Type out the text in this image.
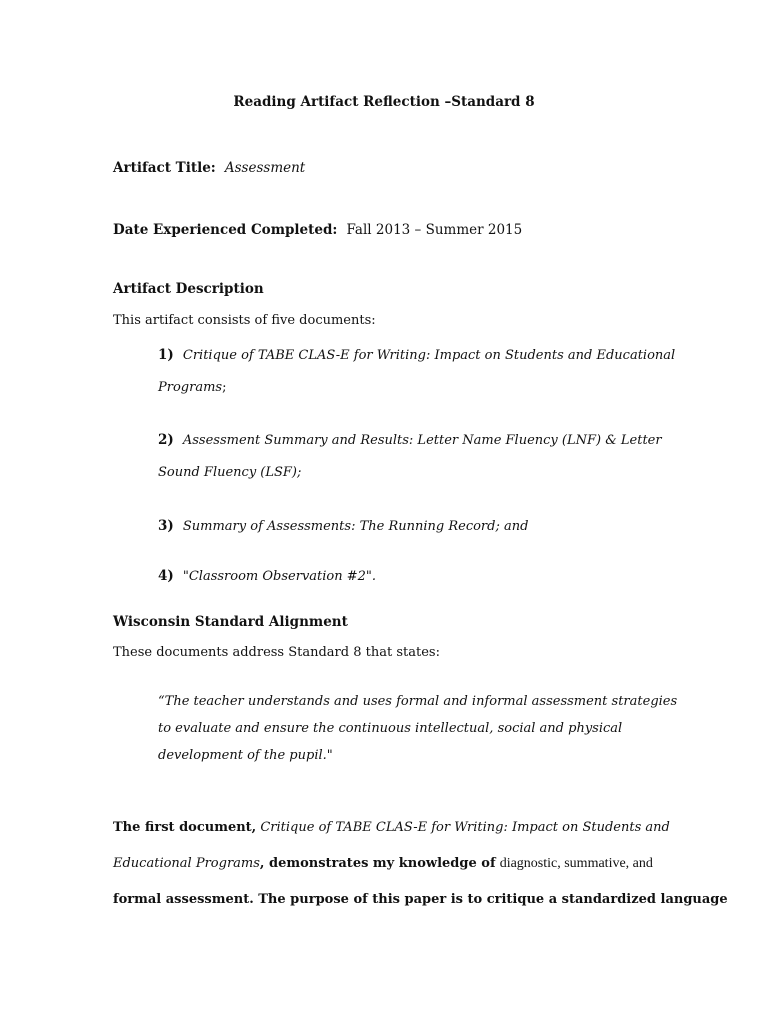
Reading Artifact Reflection –Standard 8
Artifact Title: Assessment
Date Experienced Completed: Fall 2013 – Summer 2015
Artifact Description
This artifact consists of five documents:
1) Critique of TABE CLAS-E for Writing: Impact on Students and Educational
Programs;
2) Assessment Summary and Results: Letter Name Fluency (LNF) & Letter
Sound Fluency (LSF);
3) Summary of Assessments: The Running Record; and
4) "Classroom Observation #2".
Wisconsin Standard Alignment
These documents address Standard 8 that states:
“The teacher understands and uses formal and informal assessment strategies
to evaluate and ensure the continuous intellectual, social and physical
development of the pupil."
The first document, Critique of TABE CLAS-E for Writing: Impact on Students and
Educational Programs, demonstrates my knowledge of diagnostic, summative, and
formal assessment. The purpose of this paper is to critique a standardized language
